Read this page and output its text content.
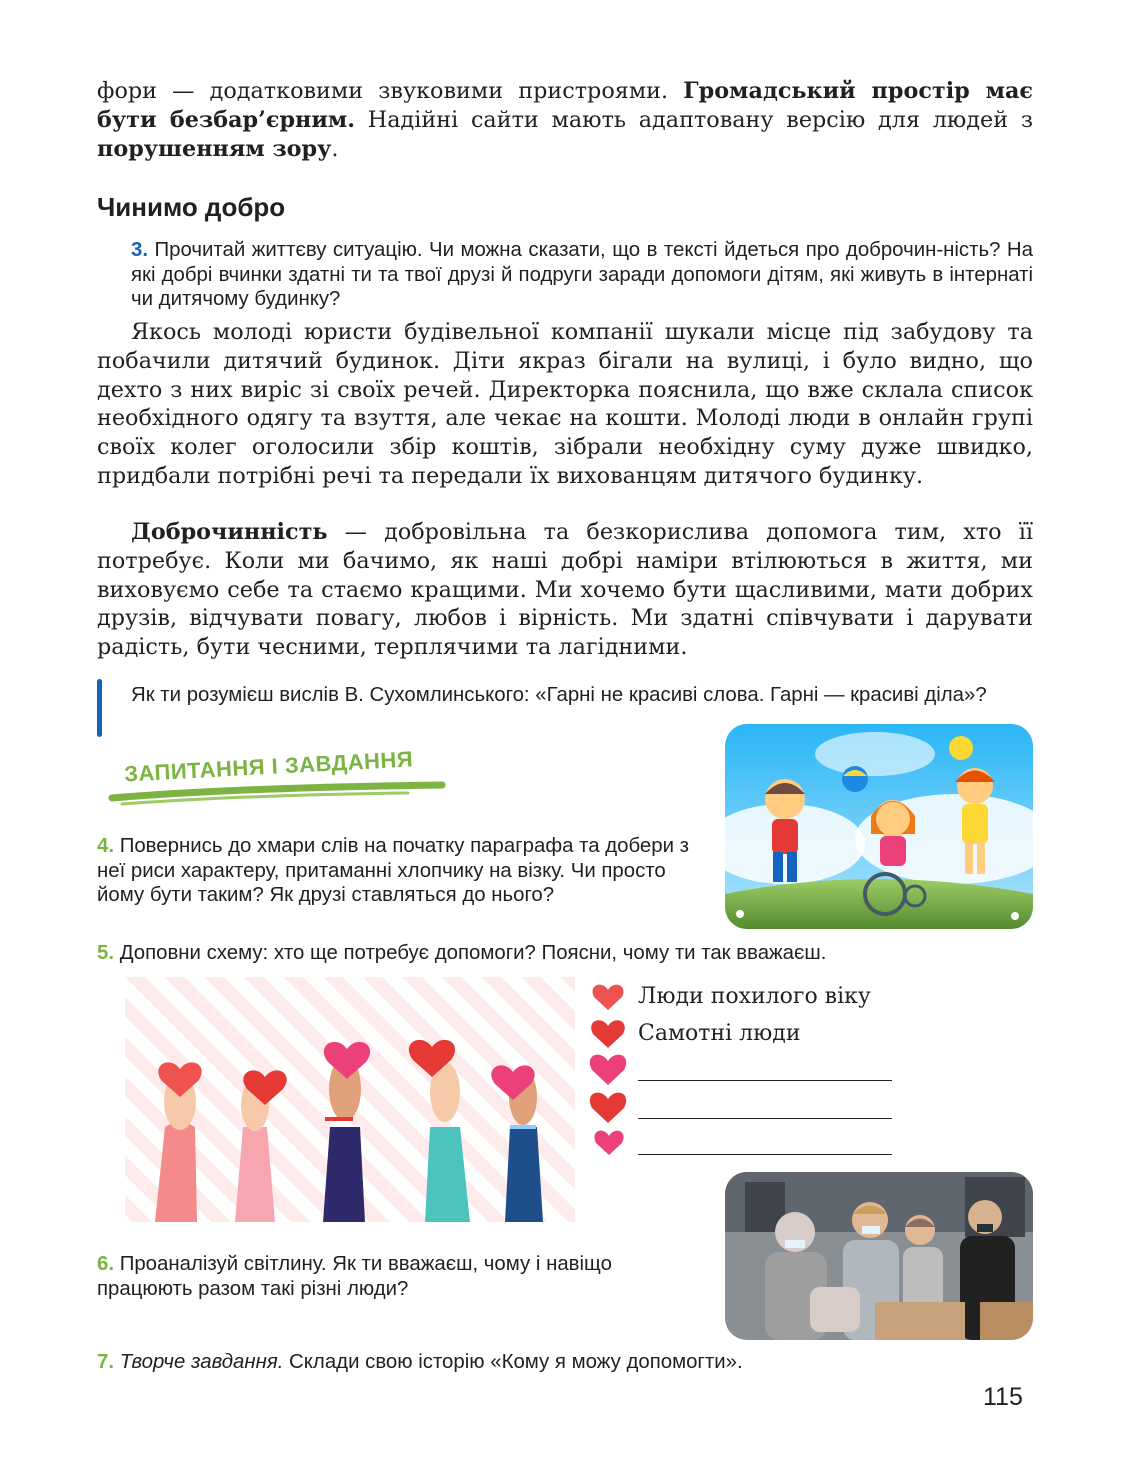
фори — додатковими звуковими пристроями. Громадський простір має бути безбар’єрним. Надійні сайти мають адаптовану версію для людей з порушенням зору.

Чинимо добро

3. Прочитай життєву ситуацію. Чи можна сказати, що в тексті йдеться про доброчин-ність? На які добрі вчинки здатні ти та твої друзі й подруги заради допомоги дітям, які живуть в інтернаті чи дитячому будинку?

Якось молоді юристи будівельної компанії шукали місце під забудову та побачили дитячий будинок. Діти якраз бігали на вулиці, і було видно, що дехто з них виріс зі своїх речей. Директорка пояснила, що вже склала список необхідного одягу та взуття, але чекає на кошти. Молоді люди в онлайн групі своїх колег оголосили збір коштів, зібрали необхідну суму дуже швидко, придбали потрібні речі та передали їх вихованцям дитячого будинку.

Доброчинність — добровільна та безкорислива допомога тим, хто її потребує. Коли ми бачимо, як наші добрі наміри втілюються в життя, ми виховуємо себе та стаємо кращими. Ми хочемо бути щасливими, мати добрих друзів, відчувати повагу, любов і вірність. Ми здатні співчувати і дарувати радість, бути чесними, терплячими та лагідними.

Як ти розумієш вислів В. Сухомлинського: «Гарні не красиві слова. Гарні — красиві діла»?

ЗАПИТАННЯ І ЗАВДАННЯ

4. Повернись до хмари слів на початку параграфа та добери з неї риси характеру, притаманні хлопчику на візку. Чи просто йому бути таким? Як друзі ставляться до нього?

5. Доповни схему: хто ще потребує допомоги? Поясни, чому ти так вважаєш.

Люди похилого віку
Самотні люди

6. Проаналізуй світлину. Як ти вважаєш, чому і навіщо працюють разом такі різні люди?

7. Творче завдання. Склади свою історію «Кому я можу допомогти».

115
